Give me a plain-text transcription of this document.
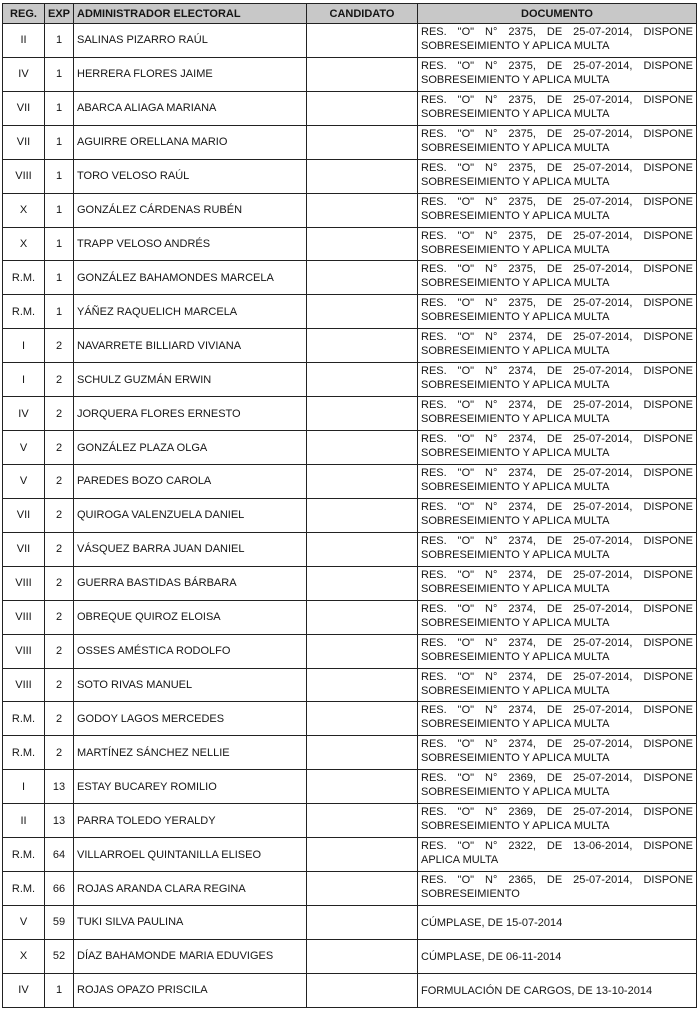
REG.	EXP	ADMINISTRADOR ELECTORAL	CANDIDATO	DOCUMENTO
II	1	SALINAS PIZARRO RAÚL		RES. "O" N° 2375, DE 25-07-2014, DISPONE
SOBRESEIMIENTO Y APLICA MULTA

IV	1	HERRERA FLORES JAIME		RES. "O" N° 2375, DE 25-07-2014, DISPONE
SOBRESEIMIENTO Y APLICA MULTA

VII	1	ABARCA ALIAGA MARIANA		RES. "O" N° 2375, DE 25-07-2014, DISPONE
SOBRESEIMIENTO Y APLICA MULTA

VII	1	AGUIRRE ORELLANA MARIO		RES. "O" N° 2375, DE 25-07-2014, DISPONE
SOBRESEIMIENTO Y APLICA MULTA

VIII	1	TORO VELOSO RAÚL		RES. "O" N° 2375, DE 25-07-2014, DISPONE
SOBRESEIMIENTO Y APLICA MULTA

X	1	GONZÁLEZ CÁRDENAS RUBÉN		RES. "O" N° 2375, DE 25-07-2014, DISPONE
SOBRESEIMIENTO Y APLICA MULTA

X	1	TRAPP VELOSO ANDRÉS		RES. "O" N° 2375, DE 25-07-2014, DISPONE
SOBRESEIMIENTO Y APLICA MULTA

R.M.	1	GONZÁLEZ BAHAMONDES MARCELA		RES. "O" N° 2375, DE 25-07-2014, DISPONE
SOBRESEIMIENTO Y APLICA MULTA

R.M.	1	YÁÑEZ RAQUELICH MARCELA		RES. "O" N° 2375, DE 25-07-2014, DISPONE
SOBRESEIMIENTO Y APLICA MULTA

I	2	NAVARRETE BILLIARD VIVIANA		RES. "O" N° 2374, DE 25-07-2014, DISPONE
SOBRESEIMIENTO Y APLICA MULTA

I	2	SCHULZ GUZMÁN ERWIN		RES. "O" N° 2374, DE 25-07-2014, DISPONE
SOBRESEIMIENTO Y APLICA MULTA

IV	2	JORQUERA FLORES ERNESTO		RES. "O" N° 2374, DE 25-07-2014, DISPONE
SOBRESEIMIENTO Y APLICA MULTA

V	2	GONZÁLEZ PLAZA OLGA		RES. "O" N° 2374, DE 25-07-2014, DISPONE
SOBRESEIMIENTO Y APLICA MULTA

V	2	PAREDES BOZO CAROLA		RES. "O" N° 2374, DE 25-07-2014, DISPONE
SOBRESEIMIENTO Y APLICA MULTA

VII	2	QUIROGA VALENZUELA DANIEL		RES. "O" N° 2374, DE 25-07-2014, DISPONE
SOBRESEIMIENTO Y APLICA MULTA

VII	2	VÁSQUEZ BARRA JUAN DANIEL		RES. "O" N° 2374, DE 25-07-2014, DISPONE
SOBRESEIMIENTO Y APLICA MULTA

VIII	2	GUERRA BASTIDAS BÁRBARA		RES. "O" N° 2374, DE 25-07-2014, DISPONE
SOBRESEIMIENTO Y APLICA MULTA

VIII	2	OBREQUE QUIROZ ELOISA		RES. "O" N° 2374, DE 25-07-2014, DISPONE
SOBRESEIMIENTO Y APLICA MULTA

VIII	2	OSSES AMÉSTICA RODOLFO		RES. "O" N° 2374, DE 25-07-2014, DISPONE
SOBRESEIMIENTO Y APLICA MULTA

VIII	2	SOTO RIVAS MANUEL		RES. "O" N° 2374, DE 25-07-2014, DISPONE
SOBRESEIMIENTO Y APLICA MULTA

R.M.	2	GODOY LAGOS MERCEDES		RES. "O" N° 2374, DE 25-07-2014, DISPONE
SOBRESEIMIENTO Y APLICA MULTA

R.M.	2	MARTÍNEZ SÁNCHEZ NELLIE		RES. "O" N° 2374, DE 25-07-2014, DISPONE
SOBRESEIMIENTO Y APLICA MULTA

I	13	ESTAY BUCAREY ROMILIO		RES. "O" N° 2369, DE 25-07-2014, DISPONE
SOBRESEIMIENTO Y APLICA MULTA

II	13	PARRA TOLEDO YERALDY		RES. "O" N° 2369, DE 25-07-2014, DISPONE
SOBRESEIMIENTO Y APLICA MULTA

R.M.	64	VILLARROEL QUINTANILLA ELISEO		RES. "O" N° 2322, DE 13-06-2014, DISPONE
APLICA MULTA

R.M.	66	ROJAS ARANDA CLARA REGINA		RES. "O" N° 2365, DE 25-07-2014, DISPONE
SOBRESEIMIENTO

V	59	TUKI SILVA PAULINA		CÚMPLASE, DE 15-07-2014

X	52	DÍAZ BAHAMONDE MARIA EDUVIGES		CÚMPLASE, DE 06-11-2014

IV	1	ROJAS OPAZO PRISCILA		FORMULACIÓN DE CARGOS, DE 13-10-2014
